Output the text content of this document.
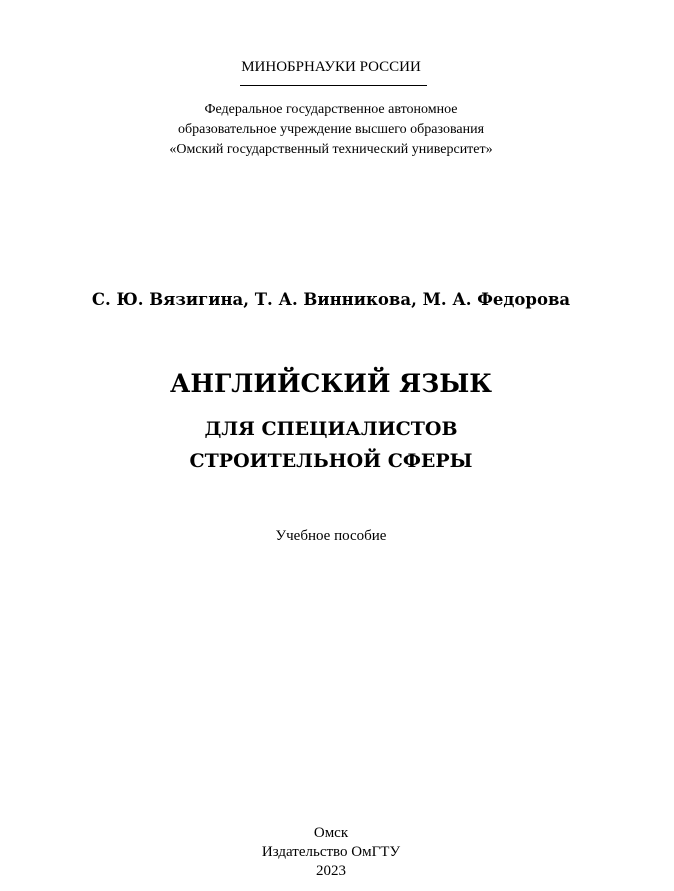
МИНОБРНАУКИ РОССИИ
Федеральное государственное автономное
образовательное учреждение высшего образования
«Омский государственный технический университет»
С. Ю. Вязигина, Т. А. Винникова, М. А. Федорова
АНГЛИЙСКИЙ ЯЗЫК
ДЛЯ СПЕЦИАЛИСТОВ
СТРОИТЕЛЬНОЙ СФЕРЫ
Учебное пособие
Омск
Издательство ОмГТУ
2023
